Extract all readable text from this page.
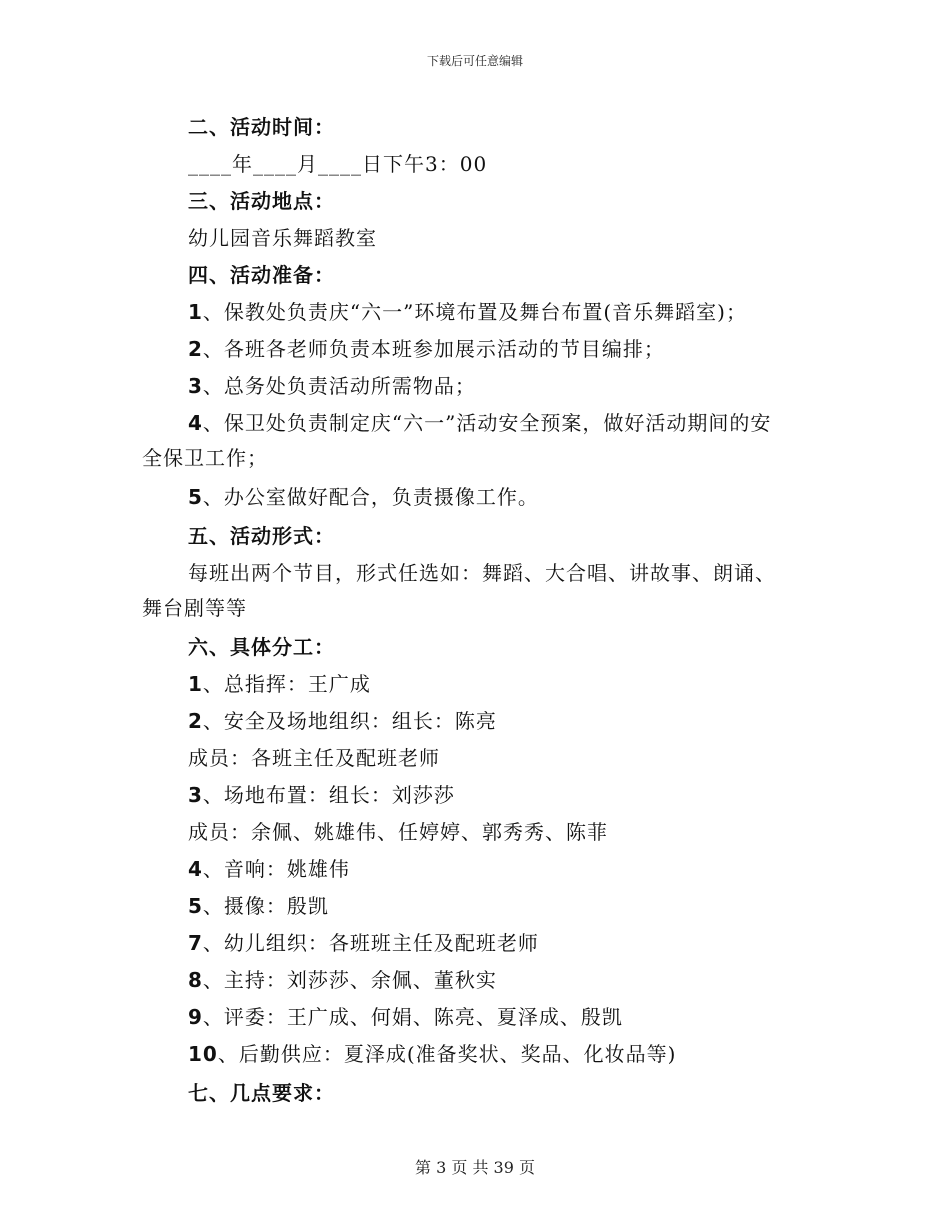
下载后可任意编辑
二、活动时间：
____年____月____日下午3：00
三、活动地点：
幼儿园音乐舞蹈教室
四、活动准备：
1、保教处负责庆“六一”环境布置及舞台布置(音乐舞蹈室)；
2、各班各老师负责本班参加展示活动的节目编排；
3、总务处负责活动所需物品；
4、保卫处负责制定庆“六一”活动安全预案，做好活动期间的安
全保卫工作；
5、办公室做好配合，负责摄像工作。
五、活动形式：
每班出两个节目，形式任选如：舞蹈、大合唱、讲故事、朗诵、
舞台剧等等
六、具体分工：
1、总指挥：王广成
2、安全及场地组织：组长：陈亮
成员：各班主任及配班老师
3、场地布置：组长：刘莎莎
成员：余佩、姚雄伟、任婷婷、郭秀秀、陈菲
4、音响：姚雄伟
5、摄像：殷凯
7、幼儿组织：各班班主任及配班老师
8、主持：刘莎莎、余佩、董秋实
9、评委：王广成、何娟、陈亮、夏泽成、殷凯
10、后勤供应：夏泽成(准备奖状、奖品、化妆品等)
七、几点要求：
第 3 页 共 39 页
